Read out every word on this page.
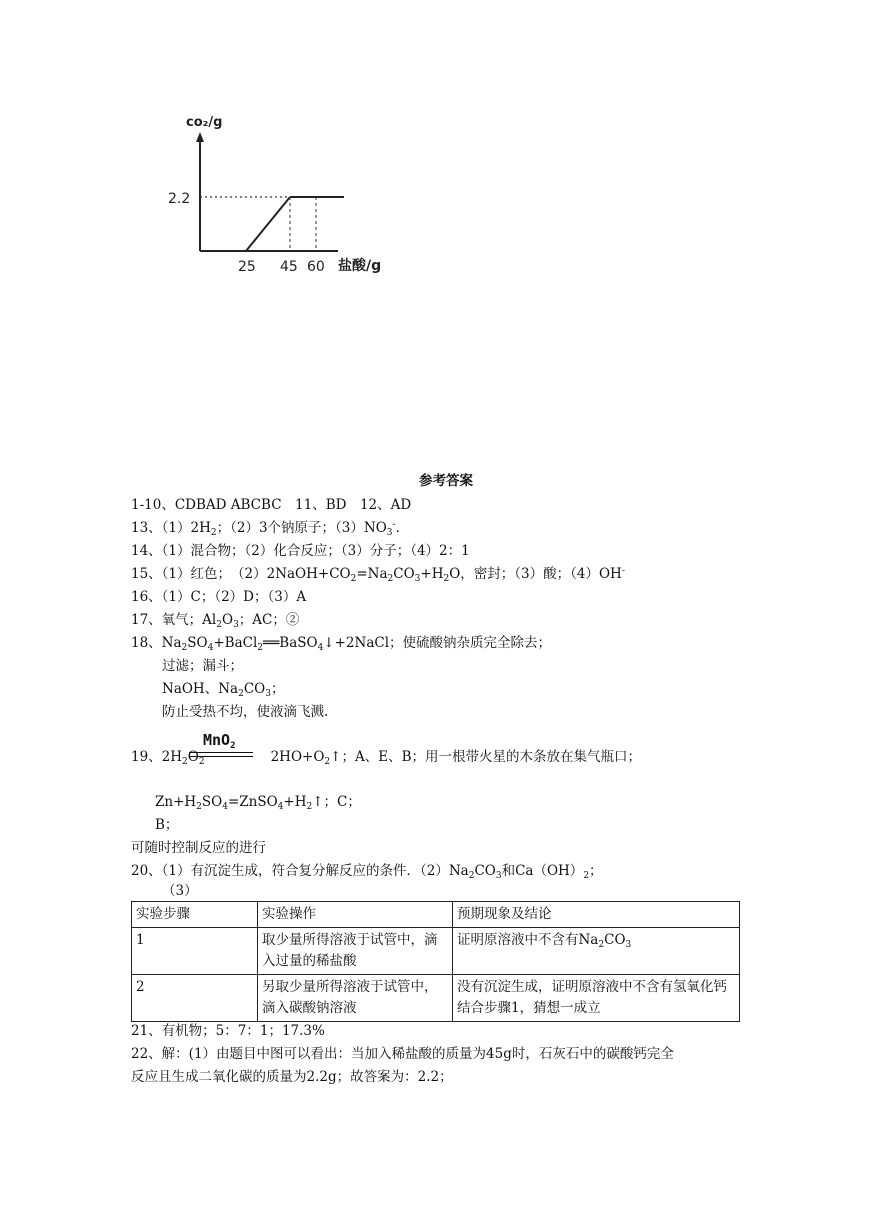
co₂/g
2.2
25 45 60 盐酸/g
参考答案
1-10、CDBAD ABCBC　11、BD　12、AD
13、$(1)2H_2$；（2）3个钠原子；$(3)NO_3^-$．
14、（1）混合物；（2）化合反应；（3）分子；（4）2：1
15、（1）红色；　$(2)2NaOH+CO_2=Na_2CO_3+H_2O$，密封；（3）酸；（4）OH-
16、（1）C；（2）D；（3）A
17、氧气；$Al_2O_3$；AC；②
18、$Na_2SO_4+BaCl_2══BaSO_4↓+2NaCl$；使硫酸钠杂质完全除去；
过滤；漏斗；
NaOH、$Na_2CO_3$；
防止受热不均，使液滴飞溅.
MnO$_2$
19、$2H_2O_2$	$2HO+O_2↑$；A、E、B；用一根带火星的木条放在集气瓶口；
$Zn+H_2SO_4=ZnSO_4+H_2↑$；C；
B；
可随时控制反应的进行
20、（1）有沉淀生成，符合复分解反应的条件．$(2)Na_2CO_3$和$Ca(OH)_2$；
（3）
实验步骤	实验操作	预期现象及结论
1	取少量所得溶液于试管中，滴入过量的稀盐酸	证明原溶液中不含有$Na_2CO_3$
2	另取少量所得溶液于试管中，滴入碳酸钠溶液	没有沉淀生成，证明原溶液中不含有氢氧化钙结合步骤1，猜想一成立
21、有机物；5：7：1；17.3%
22、解：(1）由题目中图可以看出：当加入稀盐酸的质量为45g时，石灰石中的碳酸钙完全
反应且生成二氧化碳的质量为2.2g；故答案为：2.2；
